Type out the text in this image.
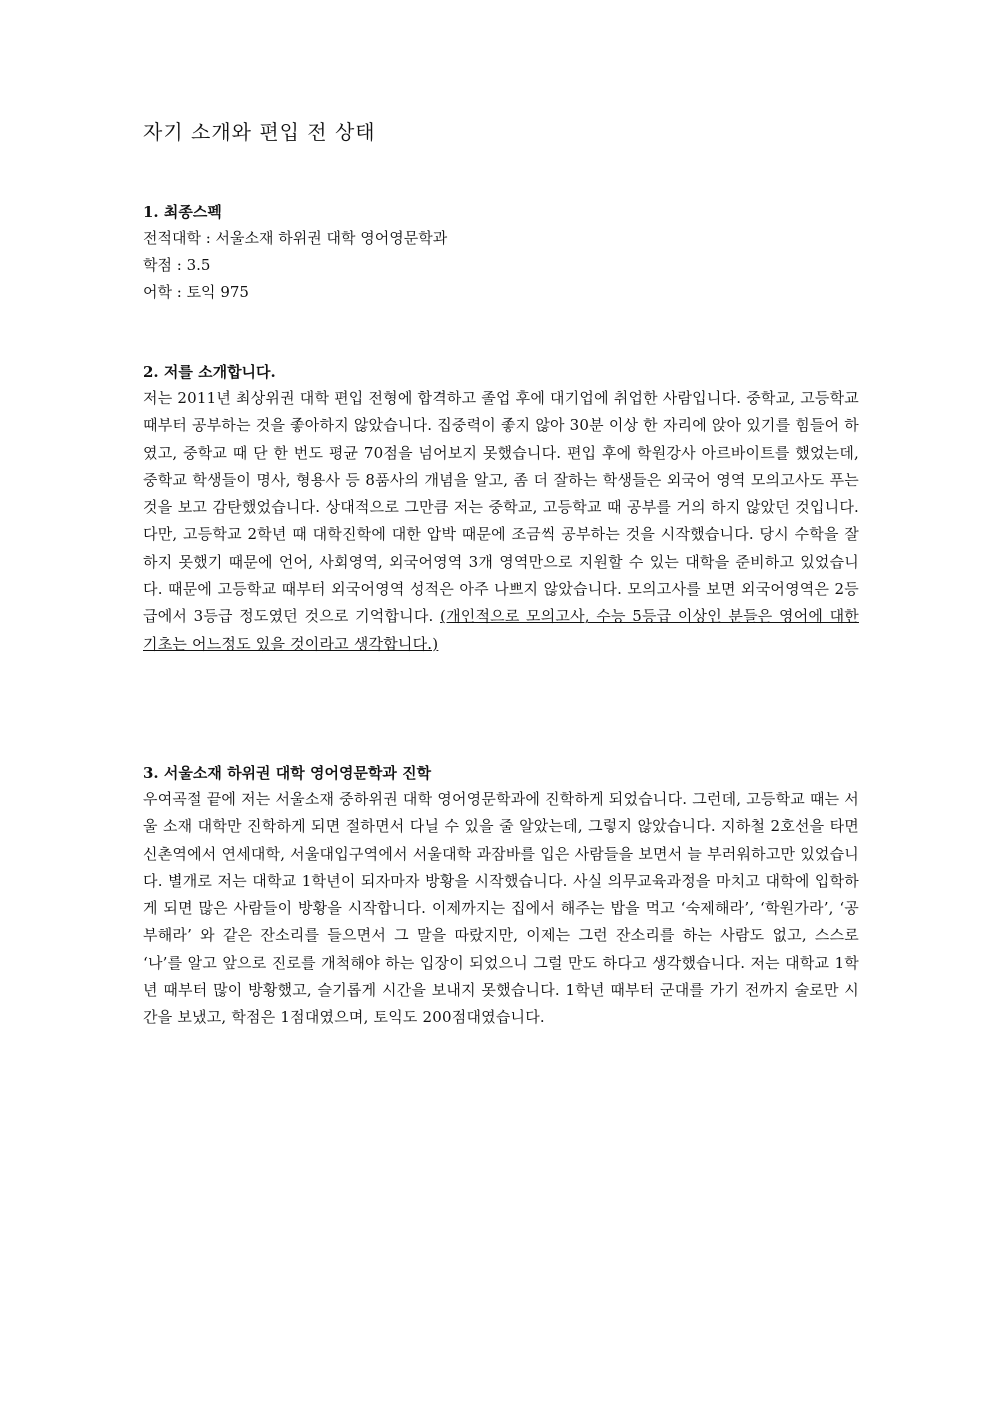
자기 소개와 편입 전 상태
1. 최종스펙
전적대학 : 서울소재 하위권 대학 영어영문학과
학점 : 3.5
어학 : 토익 975
2. 저를 소개합니다.
저는 2011년 최상위권 대학 편입 전형에 합격하고 졸업 후에 대기업에 취업한 사람입니다. 중학교, 고등학교 때부터 공부하는 것을 좋아하지 않았습니다. 집중력이 좋지 않아 30분 이상 한 자리에 앉아 있기를 힘들어 하였고, 중학교 때 단 한 번도 평균 70점을 넘어보지 못했습니다. 편입 후에 학원강사 아르바이트를 했었는데, 중학교 학생들이 명사, 형용사 등 8품사의 개념을 알고, 좀 더 잘하는 학생들은 외국어 영역 모의고사도 푸는 것을 보고 감탄했었습니다. 상대적으로 그만큼 저는 중학교, 고등학교 때 공부를 거의 하지 않았던 것입니다. 다만, 고등학교 2학년 때 대학진학에 대한 압박 때문에 조금씩 공부하는 것을 시작했습니다. 당시 수학을 잘 하지 못했기 때문에 언어, 사회영역, 외국어영역 3개 영역만으로 지원할 수 있는 대학을 준비하고 있었습니다. 때문에 고등학교 때부터 외국어영역 성적은 아주 나쁘지 않았습니다. 모의고사를 보면 외국어영역은 2등급에서 3등급 정도였던 것으로 기억합니다. (개인적으로 모의고사, 수능 5등급 이상인 분들은 영어에 대한 기초는 어느정도 있을 것이라고 생각합니다.)
3. 서울소재 하위권 대학 영어영문학과 진학
우여곡절 끝에 저는 서울소재 중하위권 대학 영어영문학과에 진학하게 되었습니다. 그런데, 고등학교 때는 서울 소재 대학만 진학하게 되면 절하면서 다닐 수 있을 줄 알았는데, 그렇지 않았습니다. 지하철 2호선을 타면 신촌역에서 연세대학, 서울대입구역에서 서울대학 과잠바를 입은 사람들을 보면서 늘 부러워하고만 있었습니다. 별개로 저는 대학교 1학년이 되자마자 방황을 시작했습니다. 사실 의무교육과정을 마치고 대학에 입학하게 되면 많은 사람들이 방황을 시작합니다. 이제까지는 집에서 해주는 밥을 먹고 ‘숙제해라’, ‘학원가라’, ‘공부해라’ 와 같은 잔소리를 들으면서 그 말을 따랐지만, 이제는 그런 잔소리를 하는 사람도 없고, 스스로 ‘나’를 알고 앞으로 진로를 개척해야 하는 입장이 되었으니 그럴 만도 하다고 생각했습니다. 저는 대학교 1학년 때부터 많이 방황했고, 슬기롭게 시간을 보내지 못했습니다. 1학년 때부터 군대를 가기 전까지 술로만 시간을 보냈고, 학점은 1점대였으며, 토익도 200점대였습니다.
